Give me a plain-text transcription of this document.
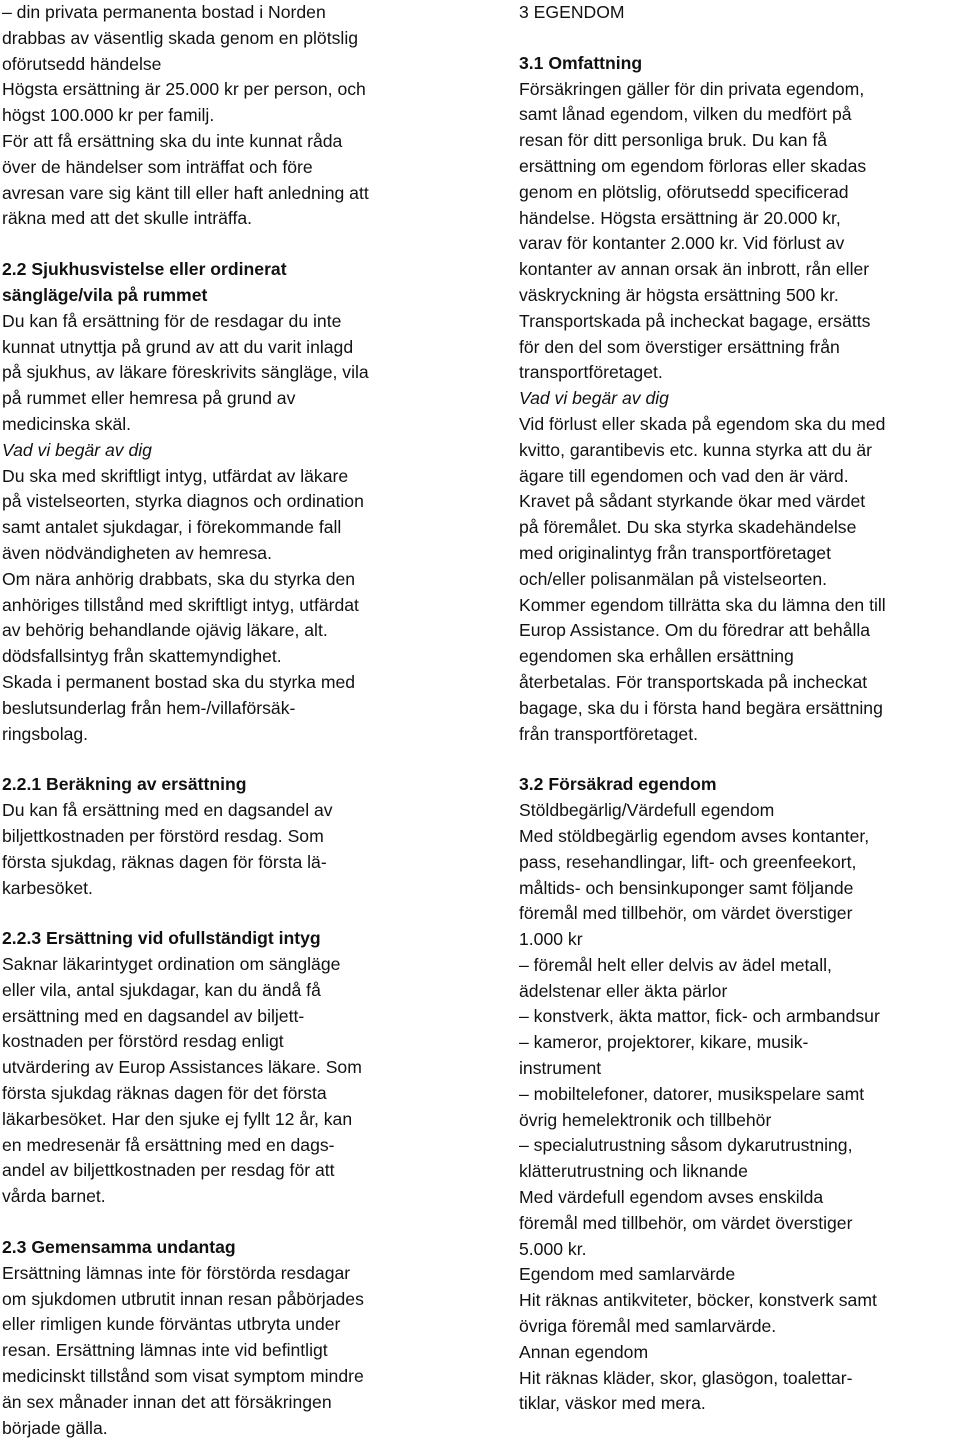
– din privata permanenta bostad i Norden
drabbas av väsentlig skada genom en plötslig
oförutsedd händelse
Högsta ersättning är 25.000 kr per person, och
högst 100.000 kr per familj.
För att få ersättning ska du inte kunnat råda
över de händelser som inträffat och före
avresan vare sig känt till eller haft anledning att
räkna med att det skulle inträffa.
2.2 Sjukhusvistelse eller ordinerat
sängläge/vila på rummet
Du kan få ersättning för de resdagar du inte
kunnat utnyttja på grund av att du varit inlagd
på sjukhus, av läkare föreskrivits sängläge, vila
på rummet eller hemresa på grund av
medicinska skäl.
Vad vi begär av dig
Du ska med skriftligt intyg, utfärdat av läkare
på vistelseorten, styrka diagnos och ordination
samt antalet sjukdagar, i förekommande fall
även nödvändigheten av hemresa.
Om nära anhörig drabbats, ska du styrka den
anhöriges tillstånd med skriftligt intyg, utfärdat
av behörig behandlande ojävig läkare, alt.
dödsfallsintyg från skattemyndighet.
Skada i permanent bostad ska du styrka med
beslutsunderlag från hem-/villaförsäk-
ringsbolag.
2.2.1 Beräkning av ersättning
Du kan få ersättning med en dagsandel av
biljettkostnaden per förstörd resdag. Som
första sjukdag, räknas dagen för första lä-
karbesöket.
2.2.3 Ersättning vid ofullständigt intyg
Saknar läkarintyget ordination om sängläge
eller vila, antal sjukdagar, kan du ändå få
ersättning med en dagsandel av biljett-
kostnaden per förstörd resdag enligt
utvärdering av Europ Assistances läkare. Som
första sjukdag räknas dagen för det första
läkarbesöket. Har den sjuke ej fyllt 12 år, kan
en medresenär få ersättning med en dags-
andel av biljettkostnaden per resdag för att
vårda barnet.
2.3 Gemensamma undantag
Ersättning lämnas inte för förstörda resdagar
om sjukdomen utbrutit innan resan påbörjades
eller rimligen kunde förväntas utbryta under
resan. Ersättning lämnas inte vid befintligt
medicinskt tillstånd som visat symptom mindre
än sex månader innan det att försäkringen
började gälla.
3 EGENDOM
3.1 Omfattning
Försäkringen gäller för din privata egendom,
samt lånad egendom, vilken du medfört på
resan för ditt personliga bruk. Du kan få
ersättning om egendom förloras eller skadas
genom en plötslig, oförutsedd specificerad
händelse. Högsta ersättning är 20.000 kr,
varav för kontanter 2.000 kr. Vid förlust av
kontanter av annan orsak än inbrott, rån eller
väskryckning är högsta ersättning 500 kr.
Transportskada på incheckat bagage, ersätts
för den del som överstiger ersättning från
transportföretaget.
Vad vi begär av dig
Vid förlust eller skada på egendom ska du med
kvitto, garantibevis etc. kunna styrka att du är
ägare till egendomen och vad den är värd.
Kravet på sådant styrkande ökar med värdet
på föremålet. Du ska styrka skadehändelse
med originalintyg från transportföretaget
och/eller polisanmälan på vistelseorten.
Kommer egendom tillrätta ska du lämna den till
Europ Assistance. Om du föredrar att behålla
egendomen ska erhållen ersättning
återbetalas. För transportskada på incheckat
bagage, ska du i första hand begära ersättning
från transportföretaget.
3.2 Försäkrad egendom
Stöldbegärlig/Värdefull egendom
Med stöldbegärlig egendom avses kontanter,
pass, resehandlingar, lift- och greenfeekort,
måltids- och bensinkuponger samt följande
föremål med tillbehör, om värdet överstiger
1.000 kr
– föremål helt eller delvis av ädel metall,
ädelstenar eller äkta pärlor
– konstverk, äkta mattor, fick- och armbandsur
– kameror, projektorer, kikare, musik-
instrument
– mobiltelefoner, datorer, musikspelare samt
övrig hemelektronik och tillbehör
– specialutrustning såsom dykarutrustning,
klätterutrustning och liknande
Med värdefull egendom avses enskilda
föremål med tillbehör, om värdet överstiger
5.000 kr.
Egendom med samlarvärde
Hit räknas antikviteter, böcker, konstverk samt
övriga föremål med samlarvärde.
Annan egendom
Hit räknas kläder, skor, glasögon, toalettar-
tiklar, väskor med mera.
